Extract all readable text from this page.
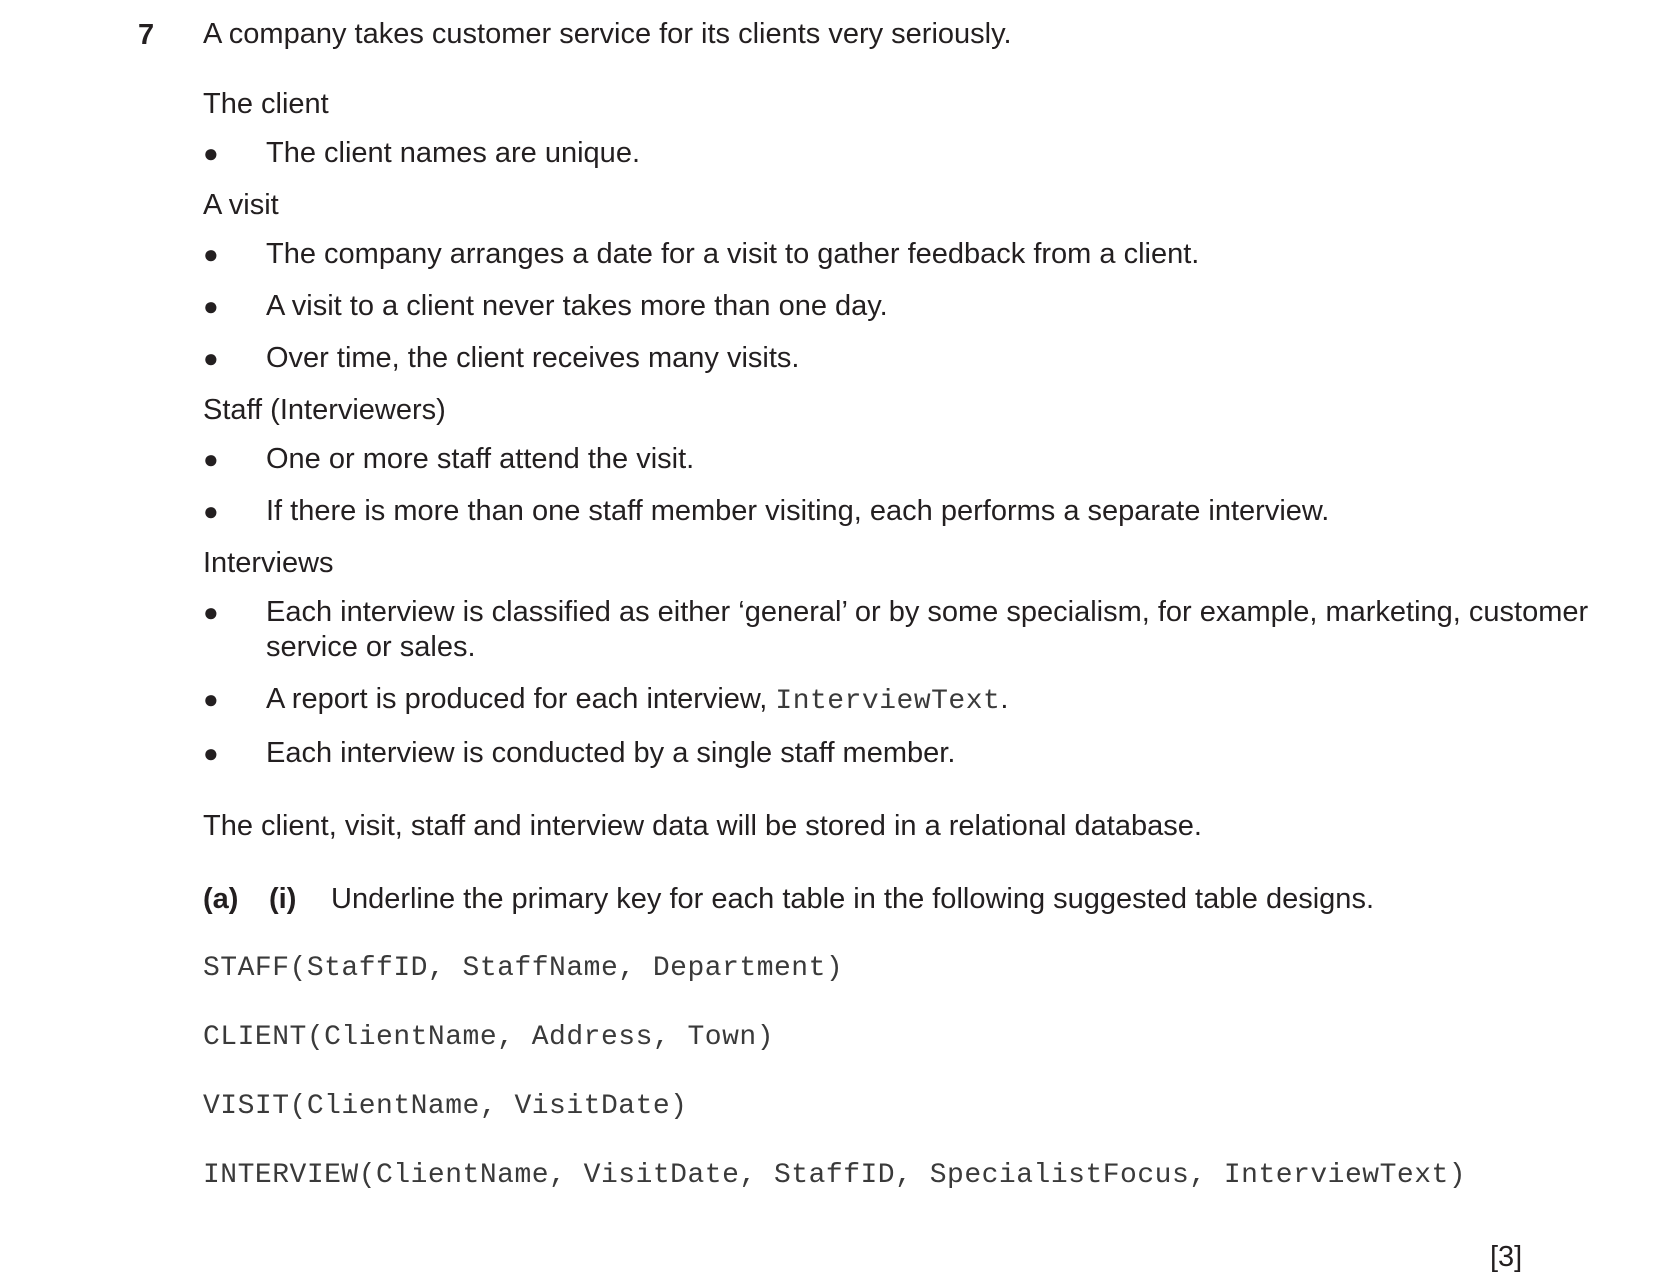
7 A company takes customer service for its clients very seriously.

The client

● The client names are unique.

A visit

● The company arranges a date for a visit to gather feedback from a client.
● A visit to a client never takes more than one day.
● Over time, the client receives many visits.

Staff (Interviewers)

● One or more staff attend the visit.
● If there is more than one staff member visiting, each performs a separate interview.

Interviews

● Each interview is classified as either ‘general’ or by some specialism, for example, marketing, customer service or sales.
● A report is produced for each interview, InterviewText.
● Each interview is conducted by a single staff member.

The client, visit, staff and interview data will be stored in a relational database.

(a) (i) Underline the primary key for each table in the following suggested table designs.

STAFF(StaffID, StaffName, Department)
CLIENT(ClientName, Address, Town)
VISIT(ClientName, VisitDate)
INTERVIEW(ClientName, VisitDate, StaffID, SpecialistFocus, InterviewText)
[3]
